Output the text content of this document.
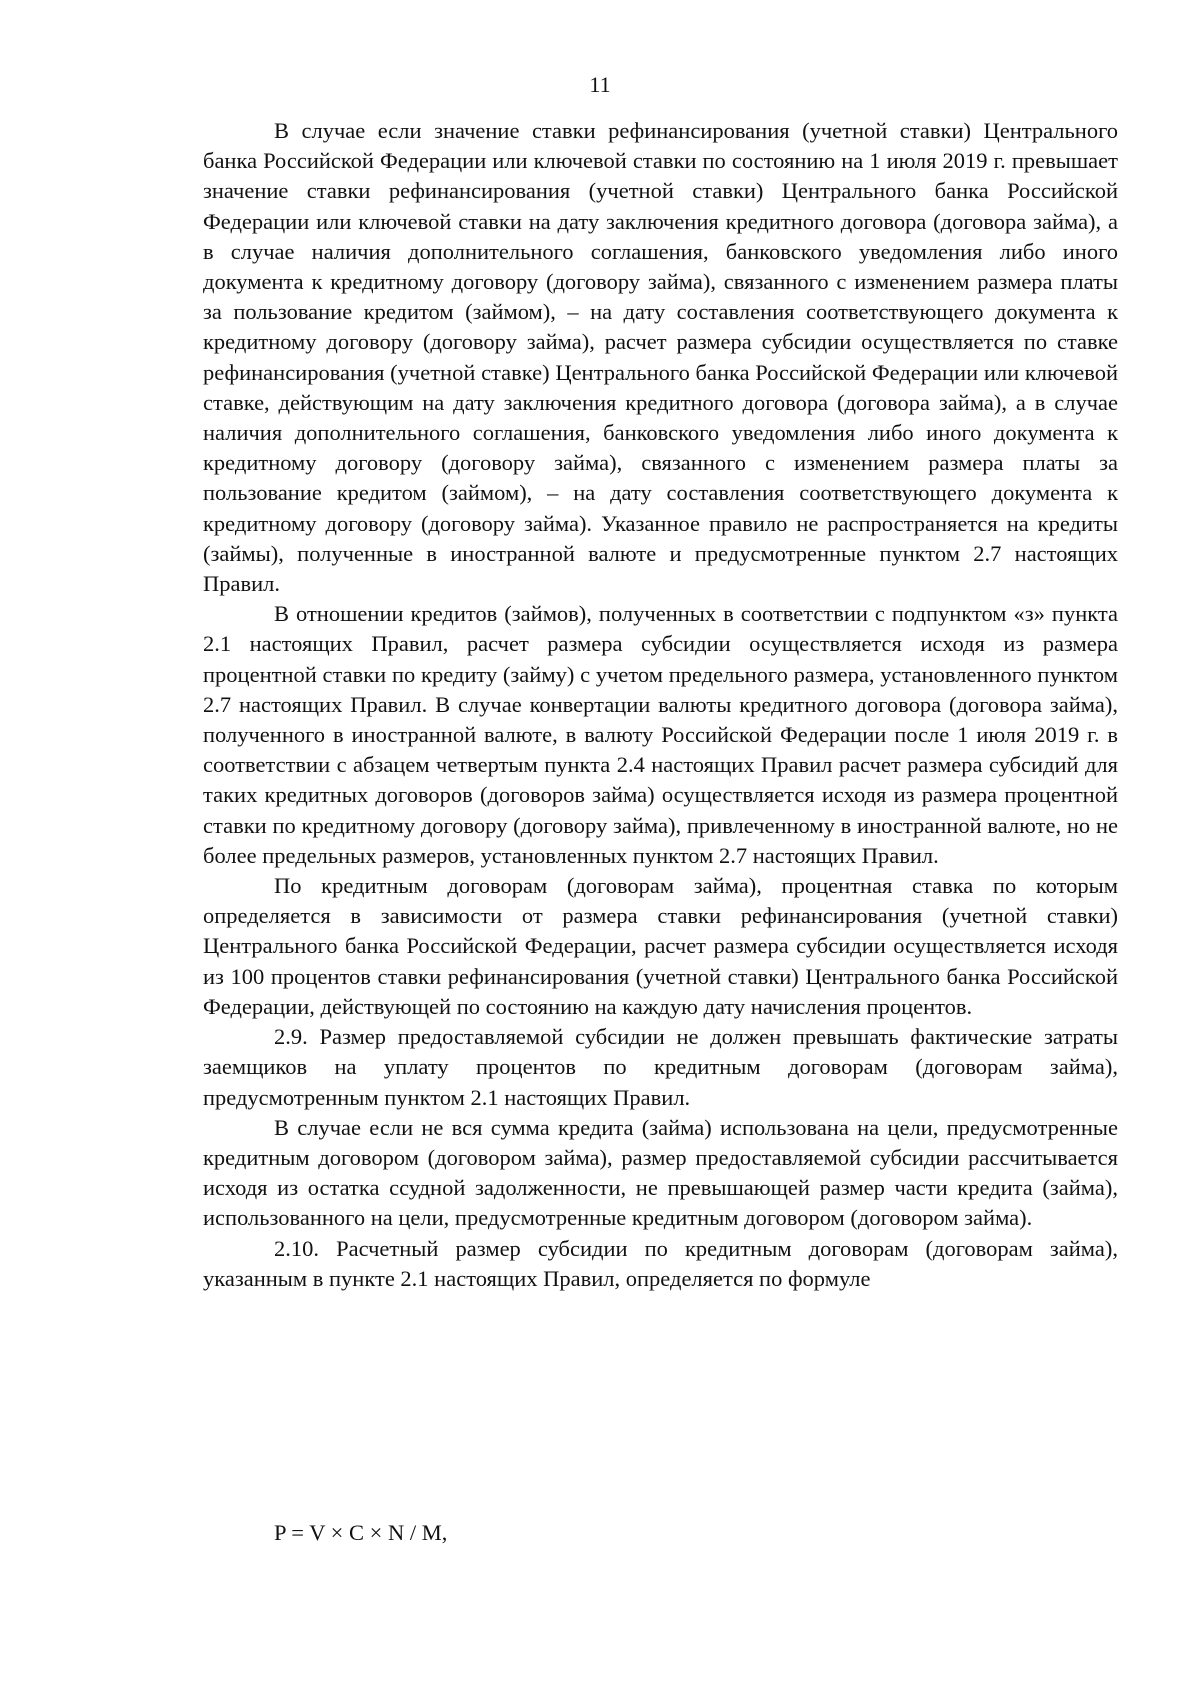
11

В случае если значение ставки рефинансирования (учетной ставки) Центрального банка Российской Федерации или ключевой ставки по состоянию на 1 июля 2019 г. превышает значение ставки рефинансирования (учетной ставки) Центрального банка Российской Федерации или ключевой ставки на дату заключения кредитного договора (договора займа), а в случае наличия дополнительного соглашения, банковского уведомления либо иного документа к кредитному договору (договору займа), связанного с изменением размера платы за пользование кредитом (займом), – на дату составления соответствующего документа к кредитному договору (договору займа), расчет размера субсидии осуществляется по ставке рефинансирования (учетной ставке) Центрального банка Российской Федерации или ключевой ставке, действующим на дату заключения кредитного договора (договора займа), а в случае наличия дополнительного соглашения, банковского уведомления либо иного документа к кредитному договору (договору займа), связанного с изменением размера платы за пользование кредитом (займом), – на дату составления соответствующего документа к кредитному договору (договору займа). Указанное правило не распространяется на кредиты (займы), полученные в иностранной валюте и предусмотренные пунктом 2.7 настоящих Правил.

В отношении кредитов (займов), полученных в соответствии с подпунктом «з» пункта 2.1 настоящих Правил, расчет размера субсидии осуществляется исходя из размера процентной ставки по кредиту (займу) с учетом предельного размера, установленного пунктом 2.7 настоящих Правил. В случае конвертации валюты кредитного договора (договора займа), полученного в иностранной валюте, в валюту Российской Федерации после 1 июля 2019 г. в соответствии с абзацем четвертым пункта 2.4 настоящих Правил расчет размера субсидий для таких кредитных договоров (договоров займа) осуществляется исходя из размера процентной ставки по кредитному договору (договору займа), привлеченному в иностранной валюте, но не более предельных размеров, установленных пунктом 2.7 настоящих Правил.

По кредитным договорам (договорам займа), процентная ставка по которым определяется в зависимости от размера ставки рефинансирования (учетной ставки) Центрального банка Российской Федерации, расчет размера субсидии осуществляется исходя из 100 процентов ставки рефинансирования (учетной ставки) Центрального банка Российской Федерации, действующей по состоянию на каждую дату начисления процентов.

2.9. Размер предоставляемой субсидии не должен превышать фактические затраты заемщиков на уплату процентов по кредитным договорам (договорам займа), предусмотренным пунктом 2.1 настоящих Правил.

В случае если не вся сумма кредита (займа) использована на цели, предусмотренные кредитным договором (договором займа), размер предоставляемой субсидии рассчитывается исходя из остатка ссудной задолженности, не превышающей размер части кредита (займа), использованного на цели, предусмотренные кредитным договором (договором займа).

2.10. Расчетный размер субсидии по кредитным договорам (договорам займа), указанным в пункте 2.1 настоящих Правил, определяется по формуле

P = V × C × N / M,
